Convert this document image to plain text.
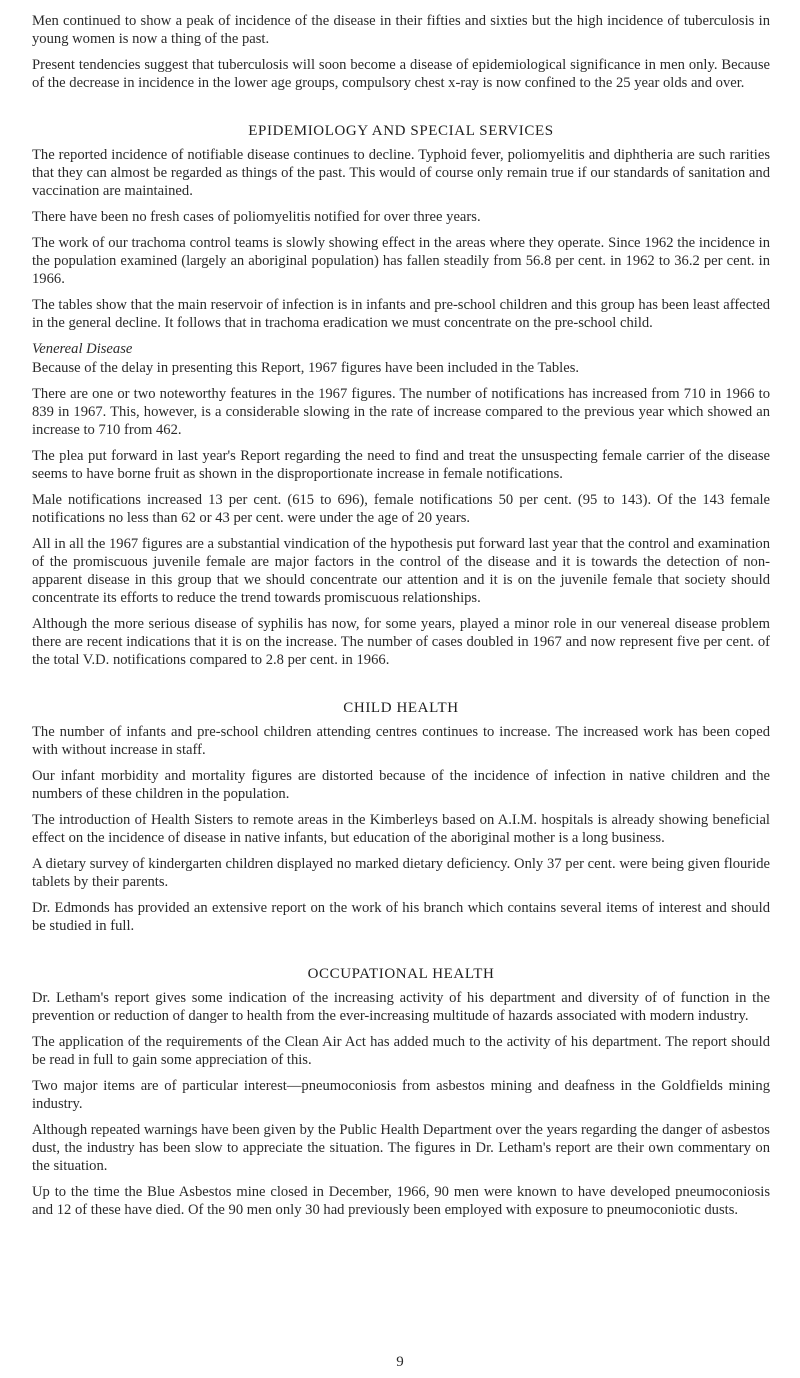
Men continued to show a peak of incidence of the disease in their fifties and sixties but the high incidence of tuberculosis in young women is now a thing of the past.

Present tendencies suggest that tuberculosis will soon become a disease of epidemiological significance in men only. Because of the decrease in incidence in the lower age groups, compulsory chest x-ray is now confined to the 25 year olds and over.

EPIDEMIOLOGY AND SPECIAL SERVICES

The reported incidence of notifiable disease continues to decline. Typhoid fever, poliomyelitis and diphtheria are such rarities that they can almost be regarded as things of the past. This would of course only remain true if our standards of sanitation and vaccination are maintained.

There have been no fresh cases of poliomyelitis notified for over three years.

The work of our trachoma control teams is slowly showing effect in the areas where they operate. Since 1962 the incidence in the population examined (largely an aboriginal population) has fallen steadily from 56.8 per cent. in 1962 to 36.2 per cent. in 1966.

The tables show that the main reservoir of infection is in infants and pre-school children and this group has been least affected in the general decline. It follows that in trachoma eradication we must concentrate on the pre-school child.

Venereal Disease

Because of the delay in presenting this Report, 1967 figures have been included in the Tables.

There are one or two noteworthy features in the 1967 figures. The number of notifications has increased from 710 in 1966 to 839 in 1967. This, however, is a considerable slowing in the rate of increase compared to the previous year which showed an increase to 710 from 462.

The plea put forward in last year's Report regarding the need to find and treat the unsuspecting female carrier of the disease seems to have borne fruit as shown in the disproportionate increase in female notifications.

Male notifications increased 13 per cent. (615 to 696), female notifications 50 per cent. (95 to 143). Of the 143 female notifications no less than 62 or 43 per cent. were under the age of 20 years.

All in all the 1967 figures are a substantial vindication of the hypothesis put forward last year that the control and examination of the promiscuous juvenile female are major factors in the control of the disease and it is towards the detection of non-apparent disease in this group that we should concentrate our attention and it is on the juvenile female that society should concentrate its efforts to reduce the trend towards promiscuous relationships.

Although the more serious disease of syphilis has now, for some years, played a minor role in our venereal disease problem there are recent indications that it is on the increase. The number of cases doubled in 1967 and now represent five per cent. of the total V.D. notifications compared to 2.8 per cent. in 1966.

CHILD HEALTH

The number of infants and pre-school children attending centres continues to increase. The increased work has been coped with without increase in staff.

Our infant morbidity and mortality figures are distorted because of the incidence of infection in native children and the numbers of these children in the population.

The introduction of Health Sisters to remote areas in the Kimberleys based on A.I.M. hospitals is already showing beneficial effect on the incidence of disease in native infants, but education of the aboriginal mother is a long business.

A dietary survey of kindergarten children displayed no marked dietary deficiency. Only 37 per cent. were being given flouride tablets by their parents.

Dr. Edmonds has provided an extensive report on the work of his branch which contains several items of interest and should be studied in full.

OCCUPATIONAL HEALTH

Dr. Letham's report gives some indication of the increasing activity of his department and diversity of of function in the prevention or reduction of danger to health from the ever-increasing multitude of hazards associated with modern industry.

The application of the requirements of the Clean Air Act has added much to the activity of his department. The report should be read in full to gain some appreciation of this.

Two major items are of particular interest—pneumoconiosis from asbestos mining and deafness in the Goldfields mining industry.

Although repeated warnings have been given by the Public Health Department over the years regarding the danger of asbestos dust, the industry has been slow to appreciate the situation. The figures in Dr. Letham's report are their own commentary on the situation.

Up to the time the Blue Asbestos mine closed in December, 1966, 90 men were known to have developed pneumoconiosis and 12 of these have died. Of the 90 men only 30 had previously been employed with exposure to pneumoconiotic dusts.

9
